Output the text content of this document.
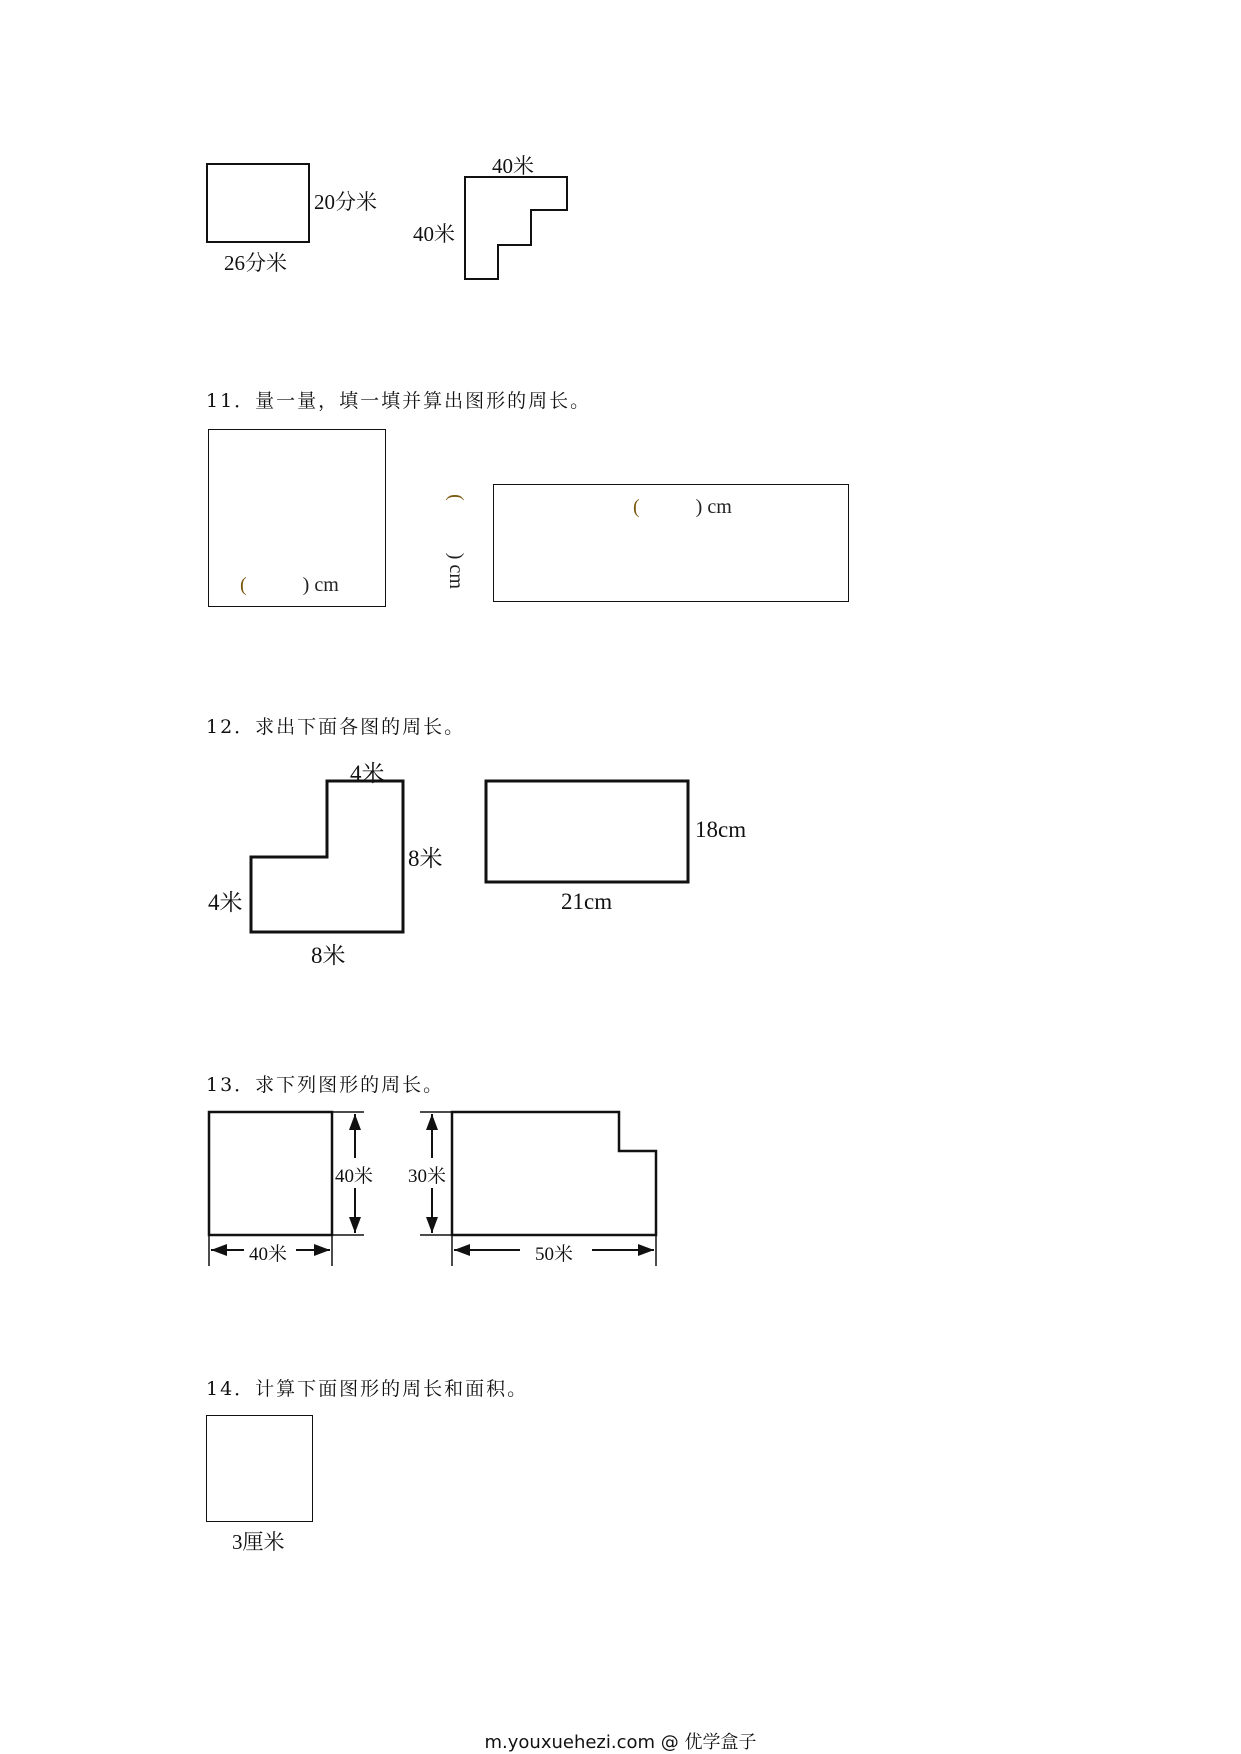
20分米
26分米
40米
40米
11．量一量，填一填并算出图形的周长。
(	) cm
(	) cm
() cm
12．求出下面各图的周长。
4米
8米
4米
8米
18cm
21cm
13．求下列图形的周长。
40米
40米
30米
50米
14．计算下面图形的周长和面积。
3厘米
m.youxuehezi.com @ 优学盒子
